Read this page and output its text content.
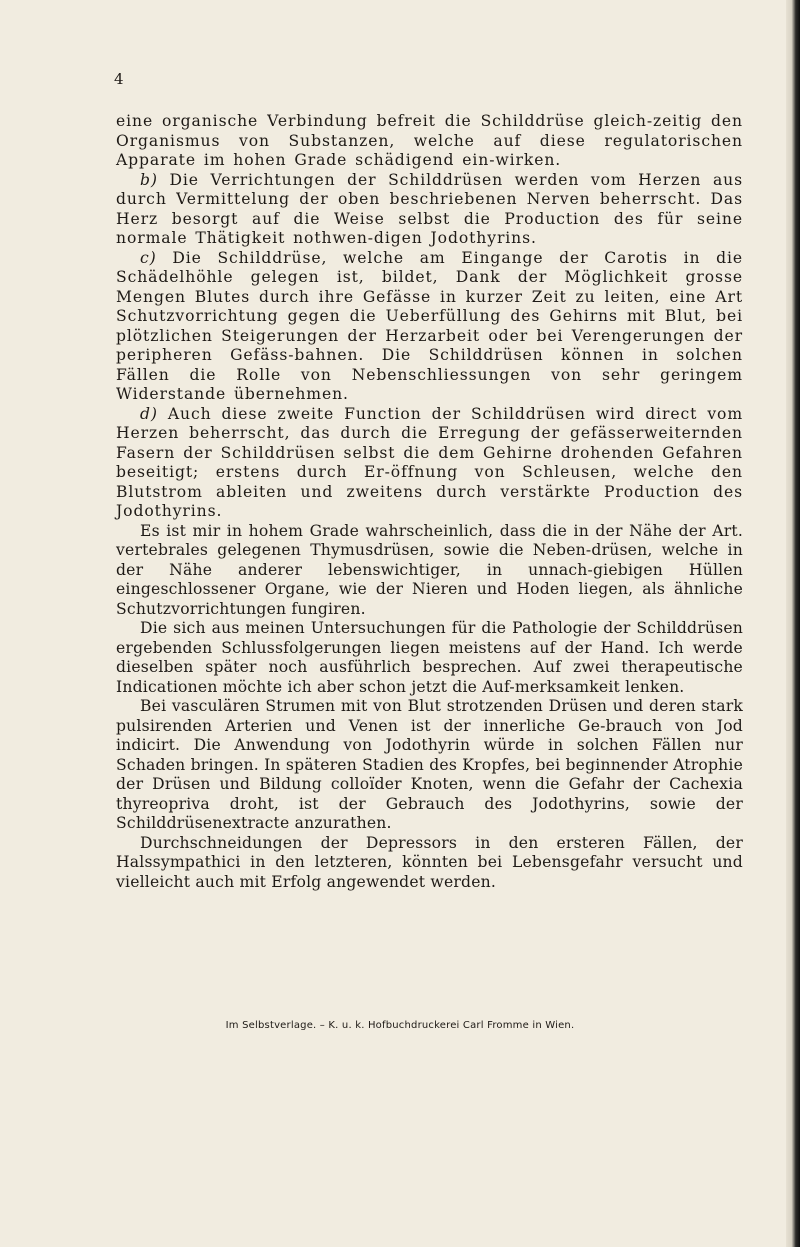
4

eine organische Verbindung befreit die Schilddrüse gleich-zeitig den Organismus von Substanzen, welche auf diese regulatorischen Apparate im hohen Grade schädigend ein-wirken.

b) Die Verrichtungen der Schilddrüsen werden vom Herzen aus durch Vermittelung der oben beschriebenen Nerven beherrscht. Das Herz besorgt auf die Weise selbst die Production des für seine normale Thätigkeit nothwen-digen Jodothyrins.

c) Die Schilddrüse, welche am Eingange der Carotis in die Schädelhöhle gelegen ist, bildet, Dank der Möglichkeit grosse Mengen Blutes durch ihre Gefässe in kurzer Zeit zu leiten, eine Art Schutzvorrichtung gegen die Ueberfüllung des Gehirns mit Blut, bei plötzlichen Steigerungen der Herzarbeit oder bei Verengerungen der peripheren Gefäss-bahnen. Die Schilddrüsen können in solchen Fällen die Rolle von Nebenschliessungen von sehr geringem Widerstande übernehmen.

d) Auch diese zweite Function der Schilddrüsen wird direct vom Herzen beherrscht, das durch die Erregung der gefässerweiternden Fasern der Schilddrüsen selbst die dem Gehirne drohenden Gefahren beseitigt; erstens durch Er-öffnung von Schleusen, welche den Blutstrom ableiten und zweitens durch verstärkte Production des Jodothyrins.

Es ist mir in hohem Grade wahrscheinlich, dass die in der Nähe der Art. vertebrales gelegenen Thymusdrüsen, sowie die Neben-drüsen, welche in der Nähe anderer lebenswichtiger, in unnach-giebigen Hüllen eingeschlossener Organe, wie der Nieren und Hoden liegen, als ähnliche Schutzvorrichtungen fungiren.

Die sich aus meinen Untersuchungen für die Pathologie der Schilddrüsen ergebenden Schlussfolgerungen liegen meistens auf der Hand. Ich werde dieselben später noch ausführlich besprechen. Auf zwei therapeutische Indicationen möchte ich aber schon jetzt die Auf-merksamkeit lenken.

Bei vasculären Strumen mit von Blut strotzenden Drüsen und deren stark pulsirenden Arterien und Venen ist der innerliche Ge-brauch von Jod indicirt. Die Anwendung von Jodothyrin würde in solchen Fällen nur Schaden bringen. In späteren Stadien des Kropfes, bei beginnender Atrophie der Drüsen und Bildung colloïder Knoten, wenn die Gefahr der Cachexia thyreopriva droht, ist der Gebrauch des Jodothyrins, sowie der Schilddrüsenextracte anzurathen.

Durchschneidungen der Depressors in den ersteren Fällen, der Halssympathici in den letzteren, könnten bei Lebensgefahr versucht und vielleicht auch mit Erfolg angewendet werden.

Im Selbstverlage. – K. u. k. Hofbuchdruckerei Carl Fromme in Wien.
